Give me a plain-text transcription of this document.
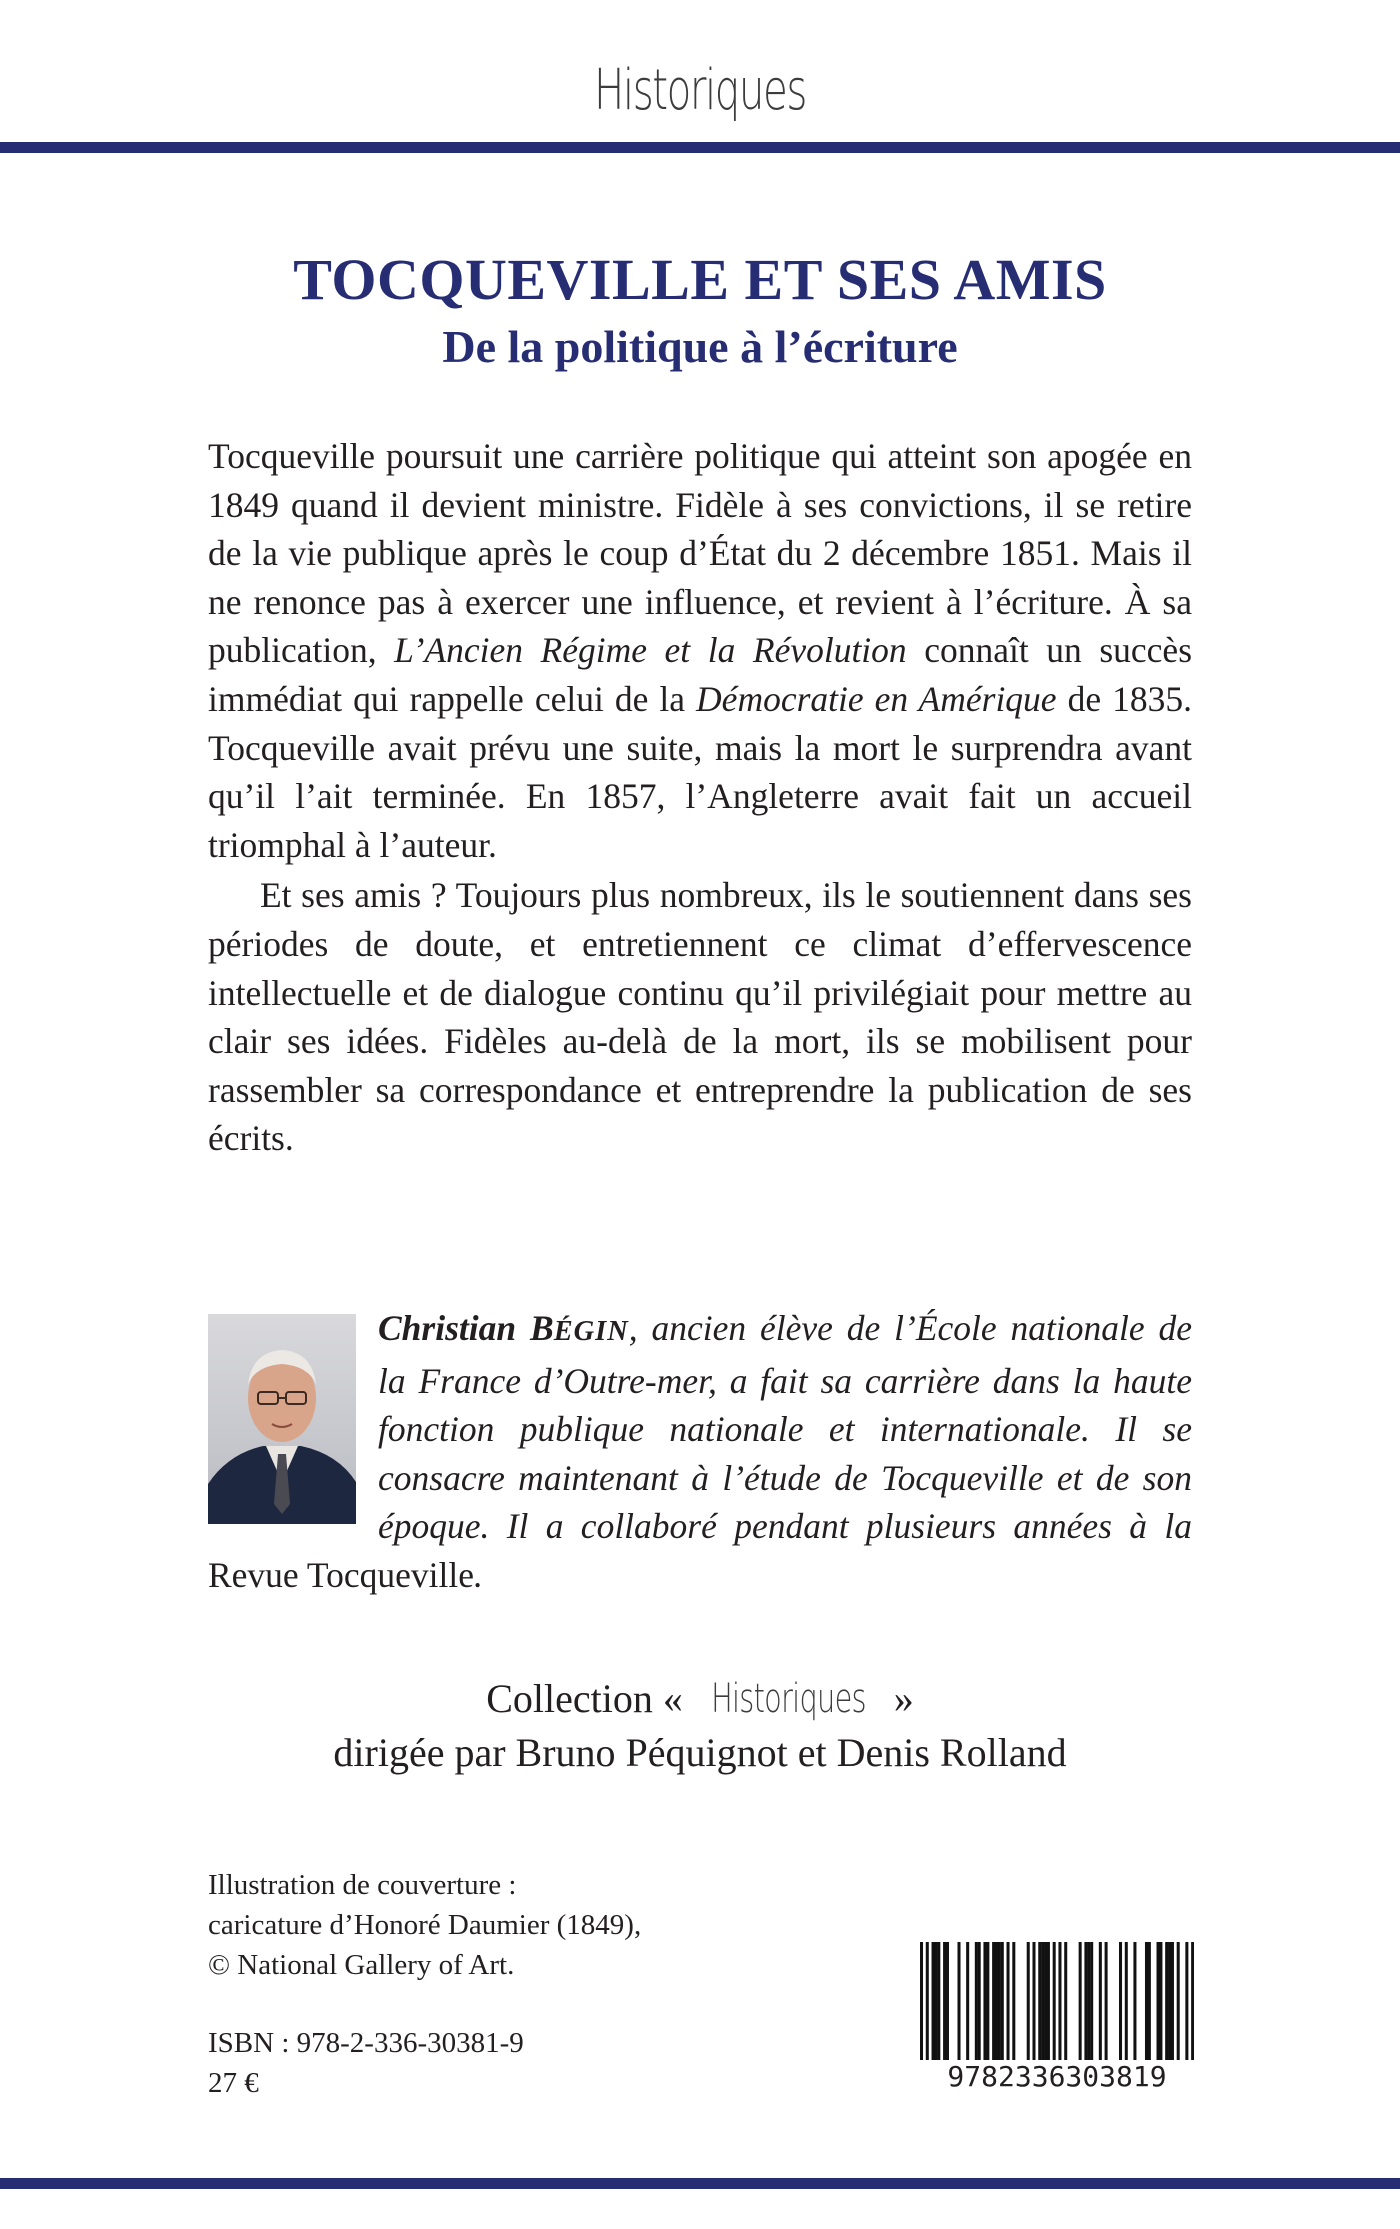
Historiques
TOCQUEVILLE ET SES AMIS
De la politique à l’écriture

Tocqueville poursuit une carrière politique qui atteint son apogée en 1849 quand il devient ministre. Fidèle à ses convictions, il se retire de la vie publique après le coup d’État du 2 décembre 1851. Mais il ne renonce pas à exercer une influence, et revient à l’écriture. À sa publication, L’Ancien Régime et la Révolution connaît un succès immédiat qui rappelle celui de la Démocratie en Amérique de 1835. Tocqueville avait prévu une suite, mais la mort le surprendra avant qu’il l’ait terminée. En 1857, l’Angleterre avait fait un accueil triomphal à l’auteur.

Et ses amis ? Toujours plus nombreux, ils le soutiennent dans ses périodes de doute, et entretiennent ce climat d’effervescence intellectuelle et de dialogue continu qu’il privilégiait pour mettre au clair ses idées. Fidèles au-delà de la mort, ils se mobilisent pour rassembler sa correspondance et entreprendre la publication de ses écrits.

Christian BÉGIN, ancien élève de l’École nationale de la France d’Outre-mer, a fait sa carrière dans la haute fonction publique nationale et internationale. Il se consacre maintenant à l’étude de Tocqueville et de son époque. Il a collaboré pendant plusieurs années à la Revue Tocqueville.

Collection « Historiques »
dirigée par Bruno Péquignot et Denis Rolland
Illustration de couverture :
caricature d’Honoré Daumier (1849),
© National Gallery of Art.
ISBN : 978-2-336-30381-9
27 €	9782336303819
